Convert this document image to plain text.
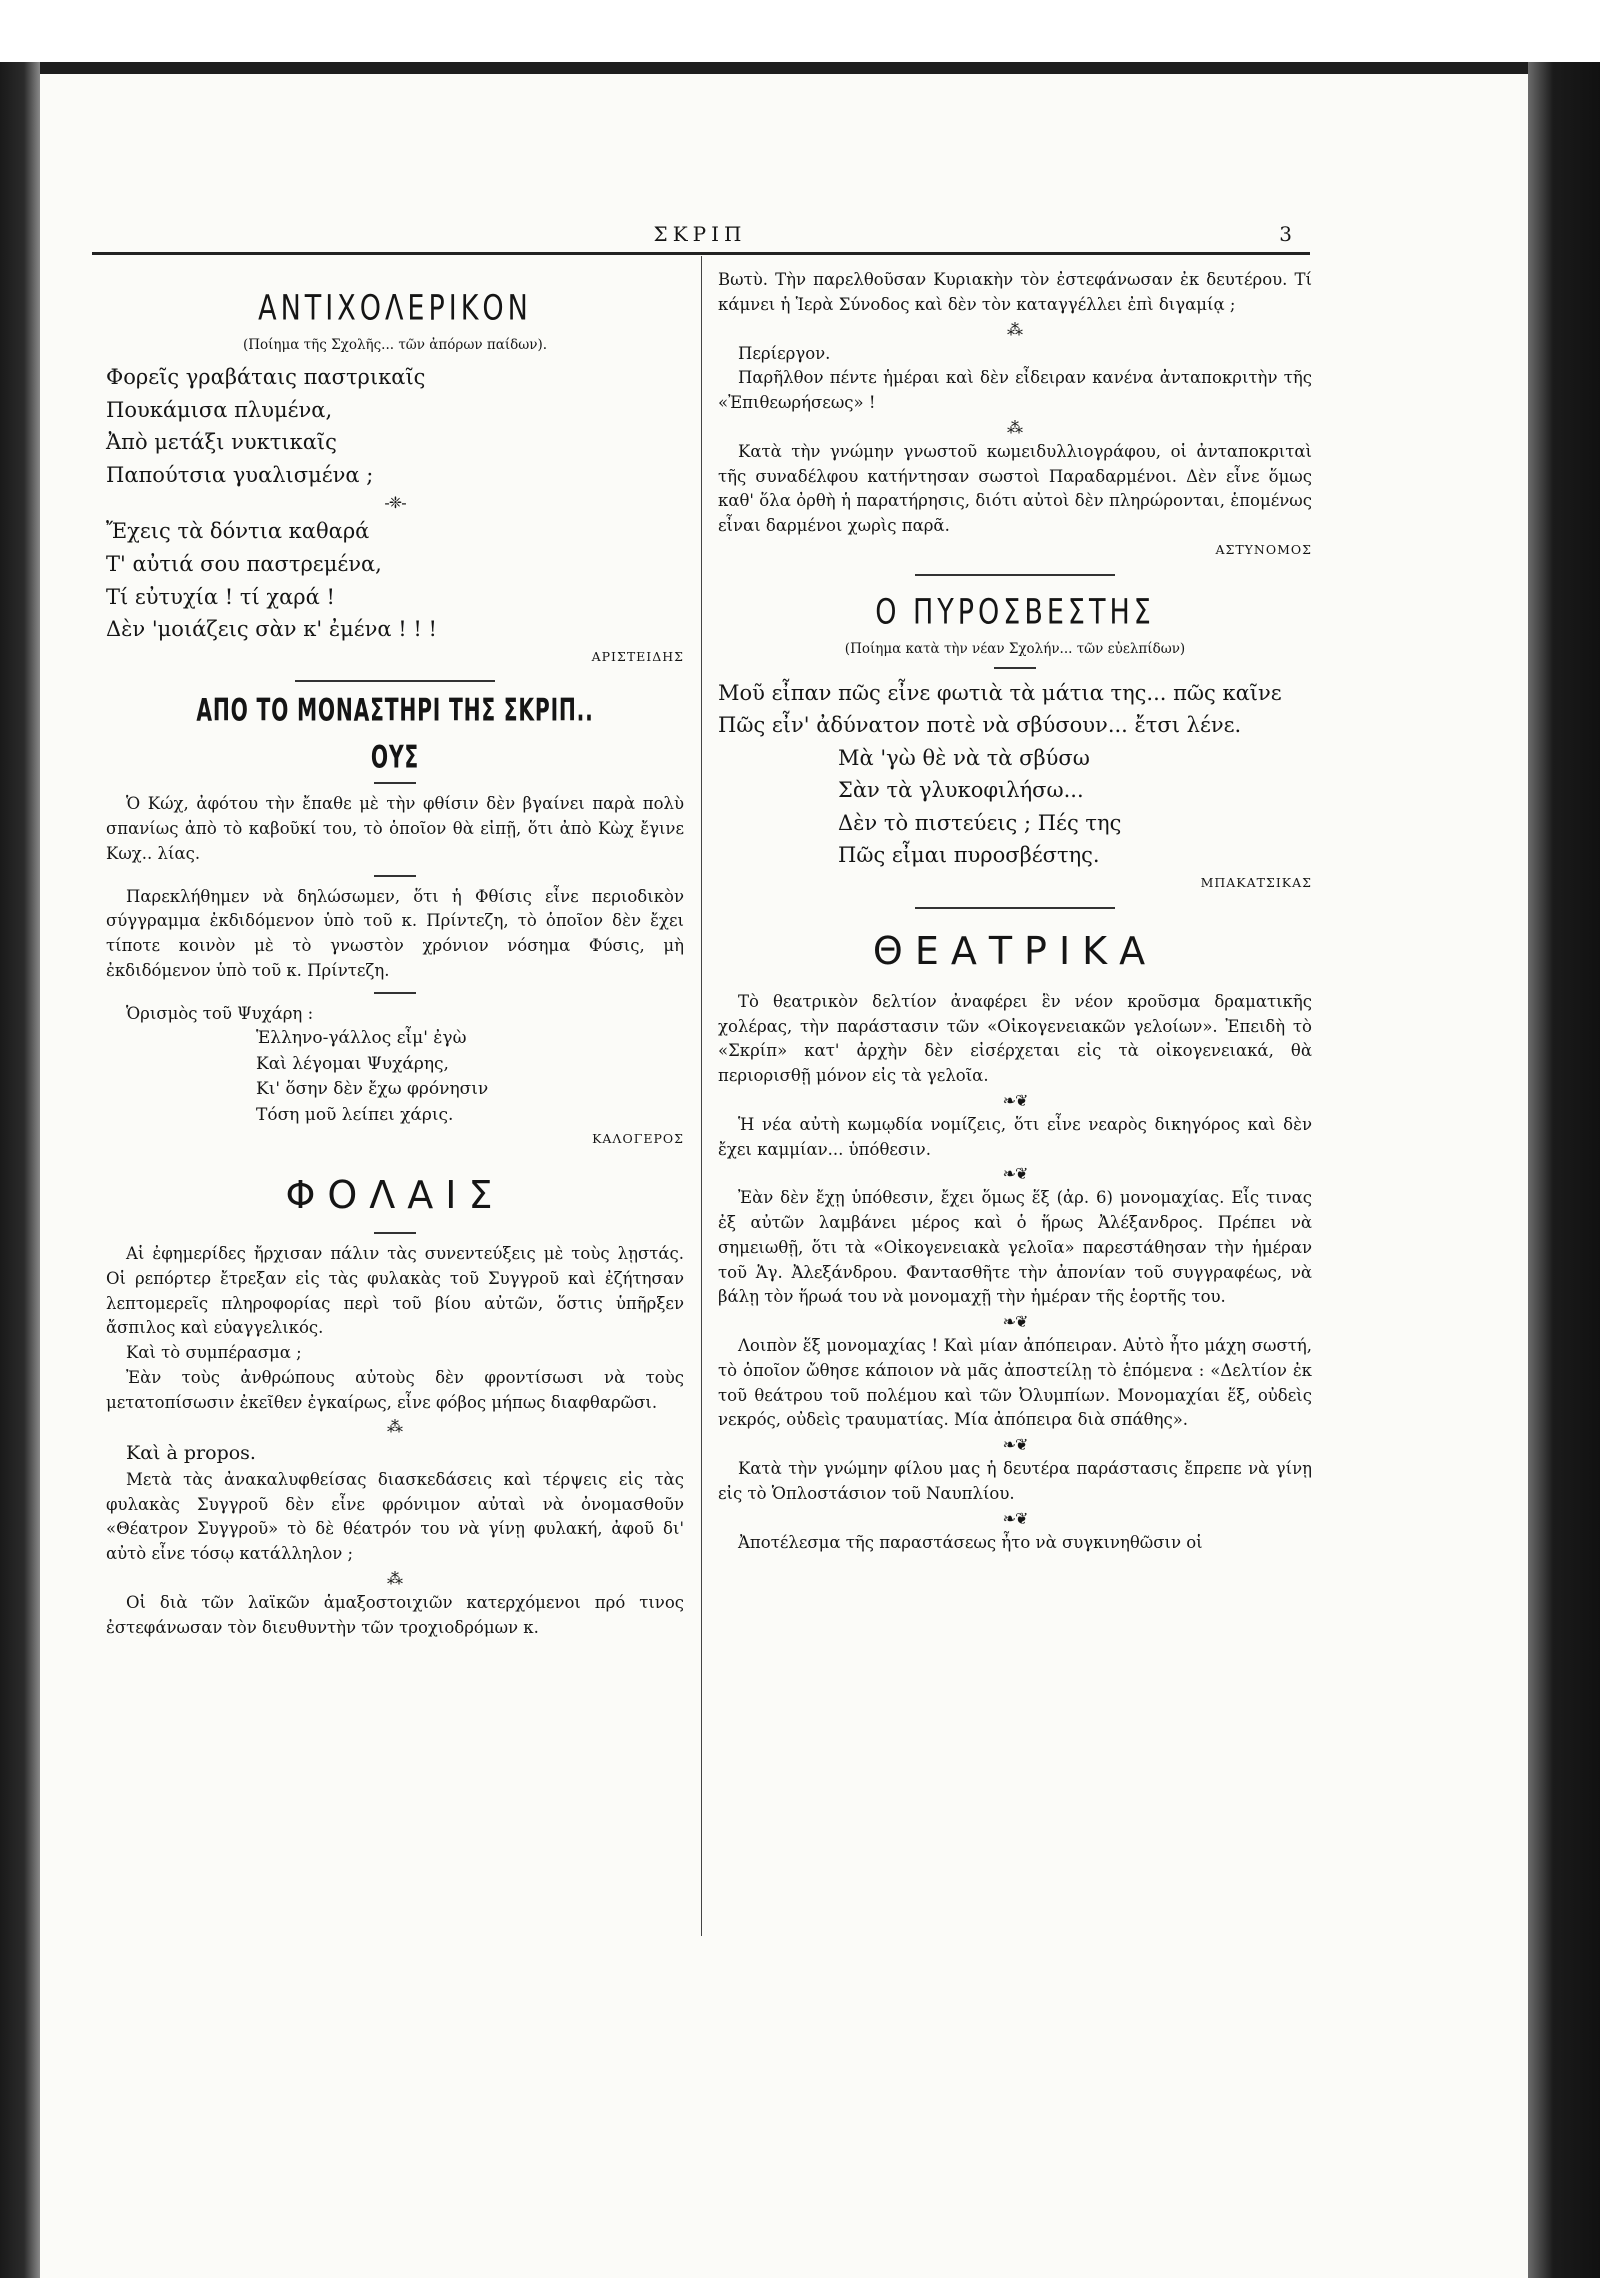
ΣΚΡΙΠ	3
ΑΝΤΙΧΟΛΕΡΙΚΟΝ
(Ποίημα τῆς Σχολῆς... τῶν ἀπόρων παίδων).
Φορεῖς γραβάταις παστρικαῖς
Πουκάμισα πλυμένα,
Ἀπὸ μετάξι νυκτικαῖς
Παπούτσια γυαλισμένα ;
-❈-
Ἔχεις τὰ δόντια καθαρά
Τ' αὐτιά σου παστρεμένα,
Τί εὐτυχία ! τί χαρά !
Δὲν 'μοιάζεις σὰν κ' ἐμένα ! ! !
ΑΡΙΣΤΕΙΔΗΣ
ΑΠΟ ΤΟ ΜΟΝΑΣΤΗΡΙ ΤΗΣ ΣΚΡΙΠ.. ΟΥΣ

Ὁ Κώχ, ἀφότου τὴν ἔπαθε μὲ τὴν φθίσιν δὲν βγαίνει παρὰ πολὺ σπανίως ἀπὸ τὸ καβοῦκί του, τὸ ὁποῖον θὰ εἰπῇ, ὅτι ἀπὸ Κὼχ ἔγινε Κωχ.. λίας.

Παρεκλήθημεν νὰ δηλώσωμεν, ὅτι ἡ Φθίσις εἶνε περιοδικὸν σύγγραμμα ἐκδιδόμενον ὑπὸ τοῦ κ. Πρίντεζη, τὸ ὁποῖον δὲν ἔχει τίποτε κοινὸν μὲ τὸ γνωστὸν χρόνιον νόσημα Φύσις, μὴ ἐκδιδόμενον ὑπὸ τοῦ κ. Πρίντεζη.

Ὁρισμὸς τοῦ Ψυχάρη :

Ἑλληνο-γάλλος εἶμ' ἐγὼ
Καὶ λέγομαι Ψυχάρης,
Κι' ὅσην δὲν ἔχω φρόνησιν
Τόση μοῦ λείπει χάρις.
ΚΑΛΟΓΕΡΟΣ
ΦΟΛΑΙΣ

Αἱ ἐφημερίδες ἤρχισαν πάλιν τὰς συνεντεύξεις μὲ τοὺς λῃστάς. Οἱ ρεπόρτερ ἔτρεξαν εἰς τὰς φυλακὰς τοῦ Συγγροῦ καὶ ἐζήτησαν λεπτομερεῖς πληροφορίας περὶ τοῦ βίου αὐτῶν, ὅστις ὑπῆρξεν ἄσπιλος καὶ εὐαγγελικός.

Καὶ τὸ συμπέρασμα ;

Ἐὰν τοὺς ἀνθρώπους αὐτοὺς δὲν φροντίσωσι νὰ τοὺς μετατοπίσωσιν ἐκεῖθεν ἐγκαίρως, εἶνε φόβος μήπως διαφθαρῶσι.

⁂

Καὶ à propos.

Μετὰ τὰς ἀνακαλυφθείσας διασκεδάσεις καὶ τέρψεις εἰς τὰς φυλακὰς Συγγροῦ δὲν εἶνε φρόνιμον αὐταὶ νὰ ὀνομασθοῦν «Θέατρον Συγγροῦ» τὸ δὲ θέατρόν του νὰ γίνῃ φυλακή, ἀφοῦ δι' αὐτὸ εἶνε τόσῳ κατάλληλον ;

⁂

Οἱ διὰ τῶν λαϊκῶν ἁμαξοστοιχιῶν κατερχόμενοι πρό τινος ἐστεφάνωσαν τὸν διευθυντὴν τῶν τροχιοδρόμων κ.

Βωτὺ. Τὴν παρελθοῦσαν Κυριακὴν τὸν ἐστεφάνωσαν ἐκ δευτέρου. Τί κάμνει ἡ Ἱερὰ Σύνοδος καὶ δὲν τὸν καταγγέλλει ἐπὶ διγαμίᾳ ;

⁂

Περίεργον.

Παρῆλθον πέντε ἡμέραι καὶ δὲν εἶδειραν κανένα ἀνταποκριτὴν τῆς «Ἐπιθεωρήσεως» !

⁂

Κατὰ τὴν γνώμην γνωστοῦ κωμειδυλλιογράφου, οἱ ἀνταποκριταὶ τῆς συναδέλφου κατήντησαν σωστοὶ Παραδαρμένοι. Δὲν εἶνε ὅμως καθ' ὅλα ὀρθὴ ἡ παρατήρησις, διότι αὐτοὶ δὲν πληρώρονται, ἑπομένως εἶναι δαρμένοι χωρὶς παρᾶ.

ΑΣΤΥΝΟΜΟΣ
Ο ΠΥΡΟΣΒΕΣΤΗΣ
(Ποίημα κατὰ τὴν νέαν Σχολήν... τῶν εὐελπίδων)
Μοῦ εἶπαν πῶς εἶνε φωτιὰ τὰ μάτια της... πῶς καῖνε
Πῶς εἶν' ἀδύνατον ποτὲ νὰ σβύσουν... ἔτσι λένε.
Μὰ 'γὼ θὲ νὰ τὰ σβύσω
Σὰν τὰ γλυκοφιλήσω...
Δὲν τὸ πιστεύεις ; Πές της
Πῶς εἶμαι πυροσβέστης.
ΜΠΑΚΑΤΣΙΚΑΣ
ΘΕΑΤΡΙΚΑ

Τὸ θεατρικὸν δελτίον ἀναφέρει ἓν νέον κροῦσμα δραματικῆς χολέρας, τὴν παράστασιν τῶν «Οἰκογενειακῶν γελοίων». Ἐπειδὴ τὸ «Σκρίπ» κατ' ἀρχὴν δὲν εἰσέρχεται εἰς τὰ οἰκογενειακά, θὰ περιορισθῇ μόνον εἰς τὰ γελοῖα.

❧❦

Ἡ νέα αὐτὴ κωμῳδία νομίζεις, ὅτι εἶνε νεαρὸς δικηγόρος καὶ δὲν ἔχει καμμίαν... ὑπόθεσιν.

❧❦

Ἐὰν δὲν ἔχῃ ὑπόθεσιν, ἔχει ὅμως ἕξ (ἀρ. 6) μονομαχίας. Εἷς τινας ἐξ αὐτῶν λαμβάνει μέρος καὶ ὁ ἥρως Ἀλέξανδρος. Πρέπει νὰ σημειωθῇ, ὅτι τὰ «Οἰκογενειακὰ γελοῖα» παρεστάθησαν τὴν ἡμέραν τοῦ Ἁγ. Ἀλεξάνδρου. Φαντασθῆτε τὴν ἀπονίαν τοῦ συγγραφέως, νὰ βάλῃ τὸν ἥρωά του νὰ μονομαχῇ τὴν ἡμέραν τῆς ἑορτῆς του.

❧❦

Λοιπὸν ἕξ μονομαχίας ! Καὶ μίαν ἀπόπειραν. Αὐτὸ ἦτο μάχη σωστή, τὸ ὁποῖον ὤθησε κάποιον νὰ μᾶς ἀποστείλῃ τὸ ἑπόμενα : «Δελτίον ἐκ τοῦ θεάτρου τοῦ πολέμου καὶ τῶν Ὀλυμπίων. Μονομαχίαι ἕξ, οὐδεὶς νεκρός, οὐδεὶς τραυματίας. Μία ἀπόπειρα διὰ σπάθης».

❧❦

Κατὰ τὴν γνώμην φίλου μας ἡ δευτέρα παράστασις ἔπρεπε νὰ γίνῃ εἰς τὸ Ὁπλοστάσιον τοῦ Ναυπλίου.

❧❦

Ἀποτέλεσμα τῆς παραστάσεως ἦτο νὰ συγκινηθῶσιν οἱ
